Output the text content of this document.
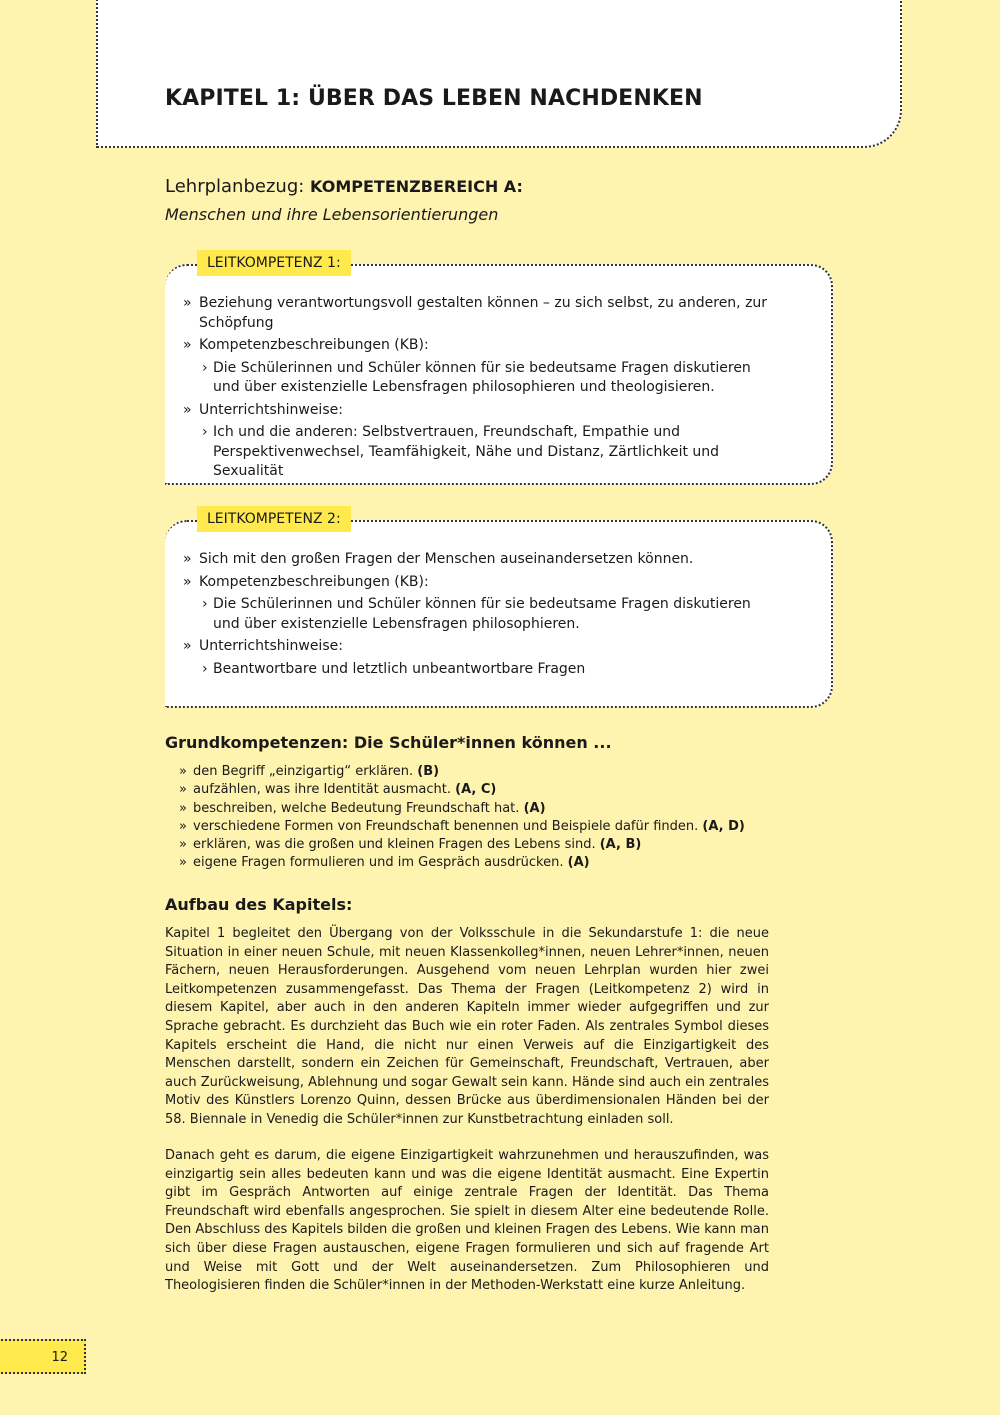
KAPITEL 1: ÜBER DAS LEBEN NACHDENKEN
Lehrplanbezug: KOMPETENZBEREICH A:
Menschen und ihre Lebensorientierungen
LEITKOMPETENZ 1:
» Beziehung verantwortungsvoll gestalten können – zu sich selbst, zu anderen, zur Schöpfung
» Kompetenzbeschreibungen (KB):
› Die Schülerinnen und Schüler können für sie bedeutsame Fragen diskutieren und über existenzielle Lebensfragen philosophieren und theologisieren.
» Unterrichtshinweise:
› Ich und die anderen: Selbstvertrauen, Freundschaft, Empathie und Perspektivenwechsel, Teamfähigkeit, Nähe und Distanz, Zärtlichkeit und Sexualität
LEITKOMPETENZ 2:
» Sich mit den großen Fragen der Menschen auseinandersetzen können.
» Kompetenzbeschreibungen (KB):
› Die Schülerinnen und Schüler können für sie bedeutsame Fragen diskutieren und über existenzielle Lebensfragen philosophieren.
» Unterrichtshinweise:
› Beantwortbare und letztlich unbeantwortbare Fragen
Grundkompetenzen: Die Schüler*innen können ...
» den Begriff „einzigartig“ erklären. (B)
» aufzählen, was ihre Identität ausmacht. (A, C)
» beschreiben, welche Bedeutung Freundschaft hat. (A)
» verschiedene Formen von Freundschaft benennen und Beispiele dafür finden. (A, D)
» erklären, was die großen und kleinen Fragen des Lebens sind. (A, B)
» eigene Fragen formulieren und im Gespräch ausdrücken. (A)
Aufbau des Kapitels:

Kapitel 1 begleitet den Übergang von der Volksschule in die Sekundarstufe 1: die neue Situation in einer neuen Schule, mit neuen Klassenkolleg*innen, neuen Lehrer*innen, neuen Fächern, neuen Herausforderungen. Ausgehend vom neuen Lehrplan wurden hier zwei Leitkompetenzen zusammengefasst. Das Thema der Fragen (Leitkompetenz 2) wird in diesem Kapitel, aber auch in den anderen Kapiteln immer wieder aufgegriffen und zur Sprache gebracht. Es durchzieht das Buch wie ein roter Faden. Als zentrales Symbol dieses Kapitels erscheint die Hand, die nicht nur einen Verweis auf die Einzigartigkeit des Menschen darstellt, sondern ein Zeichen für Gemeinschaft, Freundschaft, Vertrauen, aber auch Zurückweisung, Ablehnung und sogar Gewalt sein kann. Hände sind auch ein zentrales Motiv des Künstlers Lorenzo Quinn, dessen Brücke aus überdimensionalen Händen bei der 58. Biennale in Venedig die Schüler*innen zur Kunstbetrachtung einladen soll.

Danach geht es darum, die eigene Einzigartigkeit wahrzunehmen und herauszufinden, was einzigartig sein alles bedeuten kann und was die eigene Identität ausmacht. Eine Expertin gibt im Gespräch Antworten auf einige zentrale Fragen der Identität. Das Thema Freundschaft wird ebenfalls angesprochen. Sie spielt in diesem Alter eine bedeutende Rolle. Den Abschluss des Kapitels bilden die großen und kleinen Fragen des Lebens. Wie kann man sich über diese Fragen austauschen, eigene Fragen formulieren und sich auf fragende Art und Weise mit Gott und der Welt auseinandersetzen. Zum Philosophieren und Theologisieren finden die Schüler*innen in der Methoden-Werkstatt eine kurze Anleitung.

12
